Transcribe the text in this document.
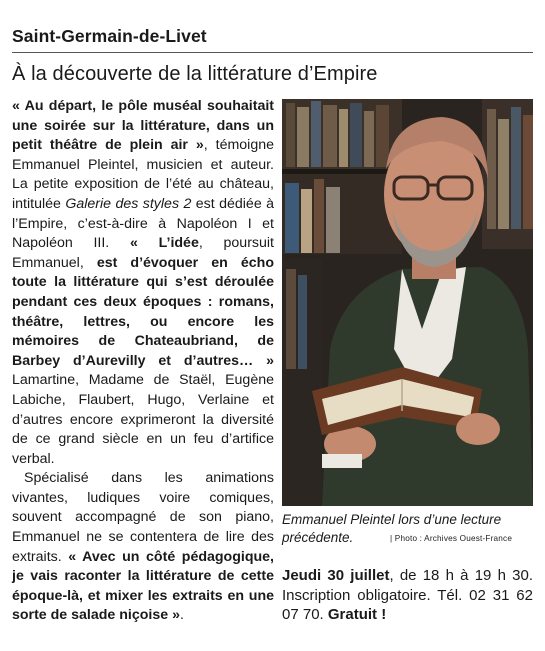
Saint-Germain-de-Livet
À la découverte de la littérature d’Empire

« Au départ, le pôle muséal souhaitait une soirée sur la littérature, dans un petit théâtre de plein air », témoigne Emmanuel Pleintel, musicien et auteur. La petite exposition de l’été au château, intitulée Galerie des styles 2 est dédiée à l’Empire, c’est-à-dire à Napoléon I et Napoléon III. « L’idée, poursuit Emmanuel, est d’évoquer en écho toute la littérature qui s’est déroulée pendant ces deux époques : romans, théâtre, lettres, ou encore les mémoires de Chateaubriand, de Barbey d’Aurevilly et d’autres… » Lamartine, Madame de Staël, Eugène Labiche, Flaubert, Hugo, Verlaine et d’autres encore exprimeront la diversité de ce grand siècle en un feu d’artifice verbal.

Spécialisé dans les animations vivantes, ludiques voire comiques, souvent accompagné de son piano, Emmanuel ne se contentera de lire des extraits. « Avec un côté pédagogique, je vais raconter la littérature de cette époque-là, et mixer les extraits en une sorte de salade niçoise ».

Emmanuel Pleintel lors d’une lecture précédente.	| Photo : Archives Ouest-France
Jeudi 30 juillet, de 18 h à 19 h 30. Inscription obligatoire. Tél. 02 31 62 07 70. Gratuit !
